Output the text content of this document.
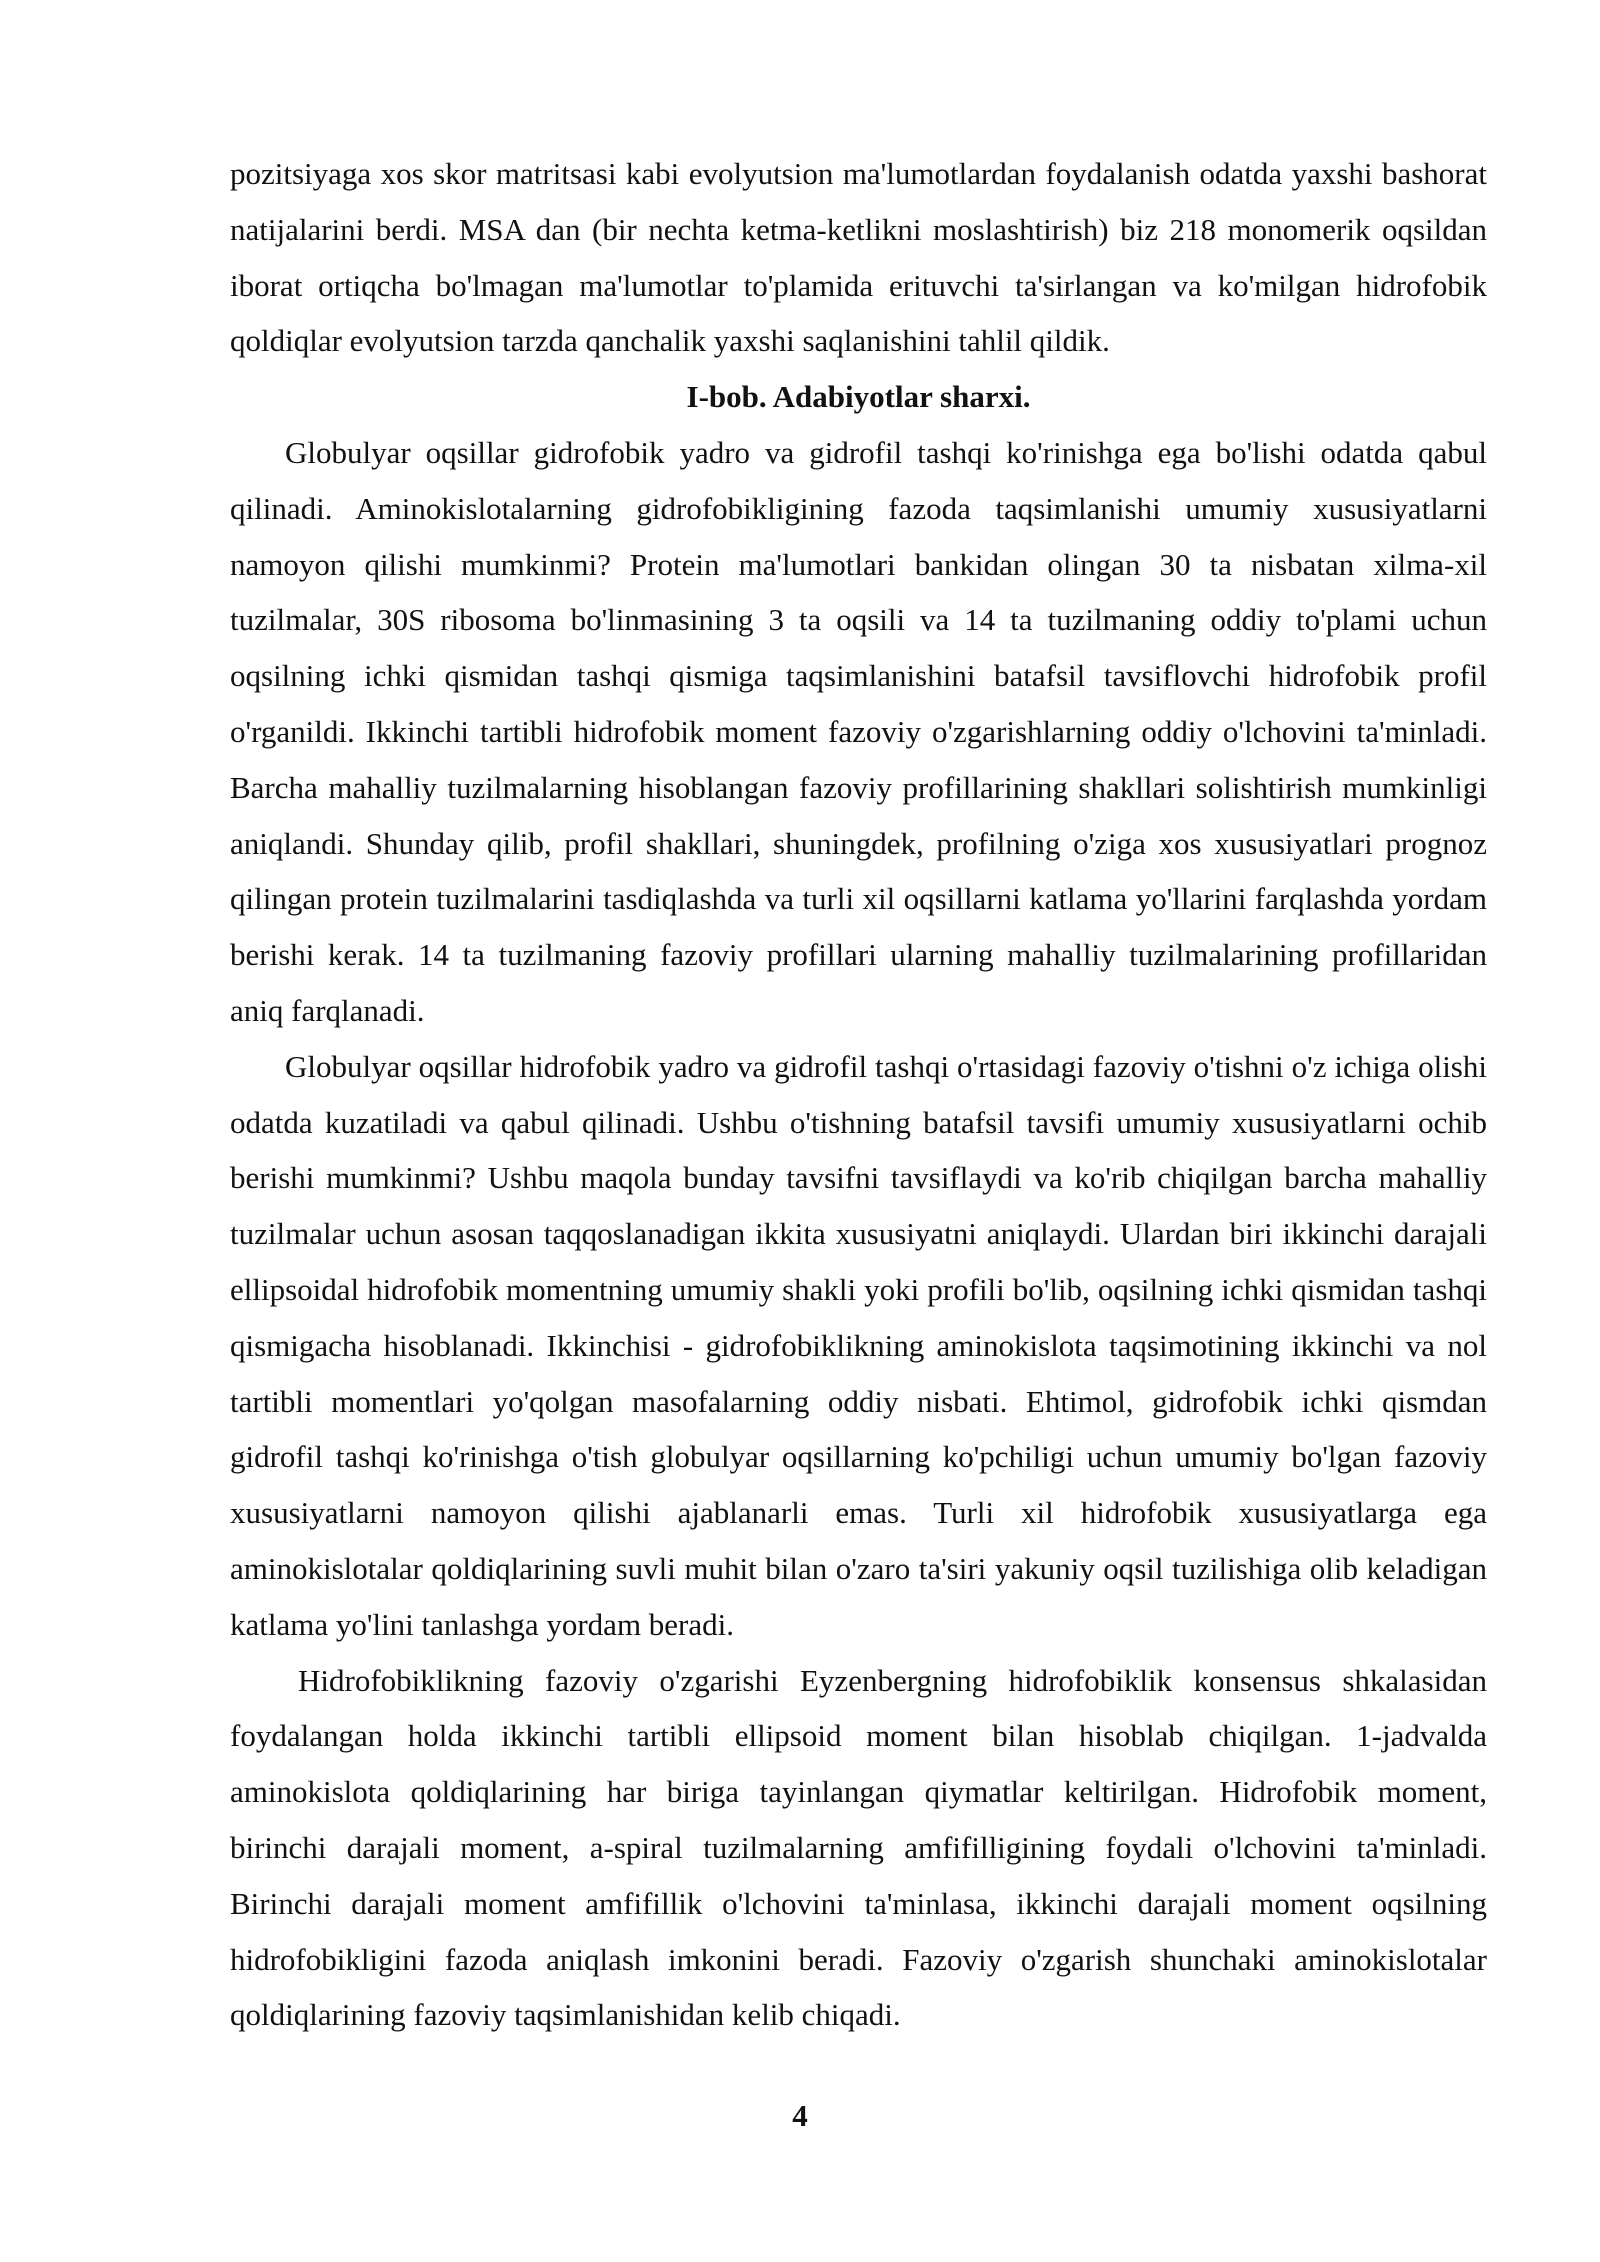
pozitsiyaga xos skor matritsasi kabi evolyutsion ma'lumotlardan foydalanish odatda yaxshi bashorat natijalarini berdi. MSA dan (bir nechta ketma-ketlikni moslashtirish) biz 218 monomerik oqsildan iborat ortiqcha bo'lmagan ma'lumotlar to'plamida erituvchi ta'sirlangan va ko'milgan hidrofobik qoldiqlar evolyutsion tarzda qanchalik yaxshi saqlanishini tahlil qildik.

I-bob. Adabiyotlar sharxi.

Globulyar oqsillar gidrofobik yadro va gidrofil tashqi ko'rinishga ega bo'lishi odatda qabul qilinadi. Aminokislotalarning gidrofobikligining fazoda taqsimlanishi umumiy xususiyatlarni namoyon qilishi mumkinmi? Protein ma'lumotlari bankidan olingan 30 ta nisbatan xilma-xil tuzilmalar, 30S ribosoma bo'linmasining 3 ta oqsili va 14 ta tuzilmaning oddiy to'plami uchun oqsilning ichki qismidan tashqi qismiga taqsimlanishini batafsil tavsiflovchi hidrofobik profil o'rganildi. Ikkinchi tartibli hidrofobik moment fazoviy o'zgarishlarning oddiy o'lchovini ta'minladi. Barcha mahalliy tuzilmalarning hisoblangan fazoviy profillarining shakllari solishtirish mumkinligi aniqlandi. Shunday qilib, profil shakllari, shuningdek, profilning o'ziga xos xususiyatlari prognoz qilingan protein tuzilmalarini tasdiqlashda va turli xil oqsillarni katlama yo'llarini farqlashda yordam berishi kerak. 14 ta tuzilmaning fazoviy profillari ularning mahalliy tuzilmalarining profillaridan aniq farqlanadi.

Globulyar oqsillar hidrofobik yadro va gidrofil tashqi o'rtasidagi fazoviy o'tishni o'z ichiga olishi odatda kuzatiladi va qabul qilinadi. Ushbu o'tishning batafsil tavsifi umumiy xususiyatlarni ochib berishi mumkinmi? Ushbu maqola bunday tavsifni tavsiflaydi va ko'rib chiqilgan barcha mahalliy tuzilmalar uchun asosan taqqoslanadigan ikkita xususiyatni aniqlaydi. Ulardan biri ikkinchi darajali ellipsoidal hidrofobik momentning umumiy shakli yoki profili bo'lib, oqsilning ichki qismidan tashqi qismigacha hisoblanadi. Ikkinchisi - gidrofobiklikning aminokislota taqsimotining ikkinchi va nol tartibli momentlari yo'qolgan masofalarning oddiy nisbati. Ehtimol, gidrofobik ichki qismdan gidrofil tashqi ko'rinishga o'tish globulyar oqsillarning ko'pchiligi uchun umumiy bo'lgan fazoviy xususiyatlarni namoyon qilishi ajablanarli emas. Turli xil hidrofobik xususiyatlarga ega aminokislotalar qoldiqlarining suvli muhit bilan o'zaro ta'siri yakuniy oqsil tuzilishiga olib keladigan katlama yo'lini tanlashga yordam beradi.

Hidrofobiklikning fazoviy o'zgarishi Eyzenbergning hidrofobiklik konsensus shkalasidan foydalangan holda ikkinchi tartibli ellipsoid moment bilan hisoblab chiqilgan. 1-jadvalda aminokislota qoldiqlarining har biriga tayinlangan qiymatlar keltirilgan. Hidrofobik moment, birinchi darajali moment, a-spiral tuzilmalarning amfifilligining foydali o'lchovini ta'minladi. Birinchi darajali moment amfifillik o'lchovini ta'minlasa, ikkinchi darajali moment oqsilning hidrofobikligini fazoda aniqlash imkonini beradi. Fazoviy o'zgarish shunchaki aminokislotalar qoldiqlarining fazoviy taqsimlanishidan kelib chiqadi.

4
